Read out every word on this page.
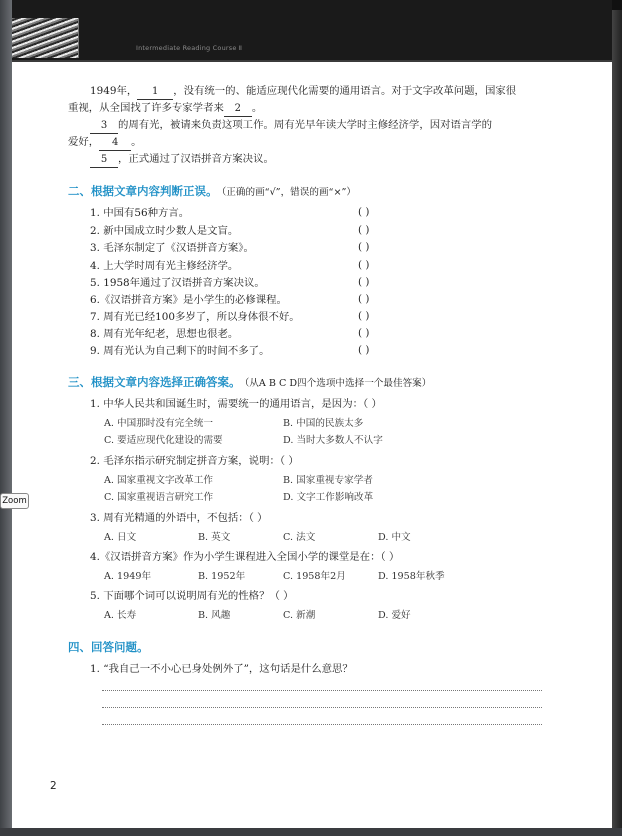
Intermediate Reading Course Ⅱ
1949年， 1 ，没有统一的、能适应现代化需要的通用语言。对于文字改革问题，国家很
重视，从全国找了许多专家学者来 2 。
3 的周有光，被请来负责这项工作。周有光早年读大学时主修经济学，因对语言学的
爱好， 4 。
5 ，正式通过了汉语拼音方案决议。
二、根据文章内容判断正误。 （正确的画“√”，错误的画“×”）
1. 中国有56种方言。	( )
2. 新中国成立时少数人是文盲。	( )
3. 毛泽东制定了《汉语拼音方案》。	( )
4. 上大学时周有光主修经济学。	( )
5. 1958年通过了汉语拼音方案决议。	( )
6.《汉语拼音方案》是小学生的必修课程。	( )
7. 周有光已经100多岁了，所以身体很不好。	( )
8. 周有光年纪老，思想也很老。	( )
9. 周有光认为自己剩下的时间不多了。	( )
三、根据文章内容选择正确答案。 （从A B C D四个选项中选择一个最佳答案）
1. 中华人民共和国诞生时，需要统一的通用语言，是因为：（ ）
A. 中国那时没有完全统一	B. 中国的民族太多
C. 要适应现代化建设的需要	D. 当时大多数人不认字
2. 毛泽东指示研究制定拼音方案，说明：（ ）
A. 国家重视文字改革工作	B. 国家重视专家学者
C. 国家重视语言研究工作	D. 文字工作影响改革
3. 周有光精通的外语中，不包括：（ ）
A. 日文	B. 英文	C. 法文	D. 中文
4.《汉语拼音方案》作为小学生课程进入全国小学的课堂是在：（ ）
A. 1949年	B. 1952年	C. 1958年2月	D. 1958年秋季
5. 下面哪个词可以说明周有光的性格？（ ）
A. 长寿	B. 风趣	C. 新潮	D. 爱好
四、回答问题。
1. “我自己一不小心已身处例外了”，这句话是什么意思？
2
Zoom
